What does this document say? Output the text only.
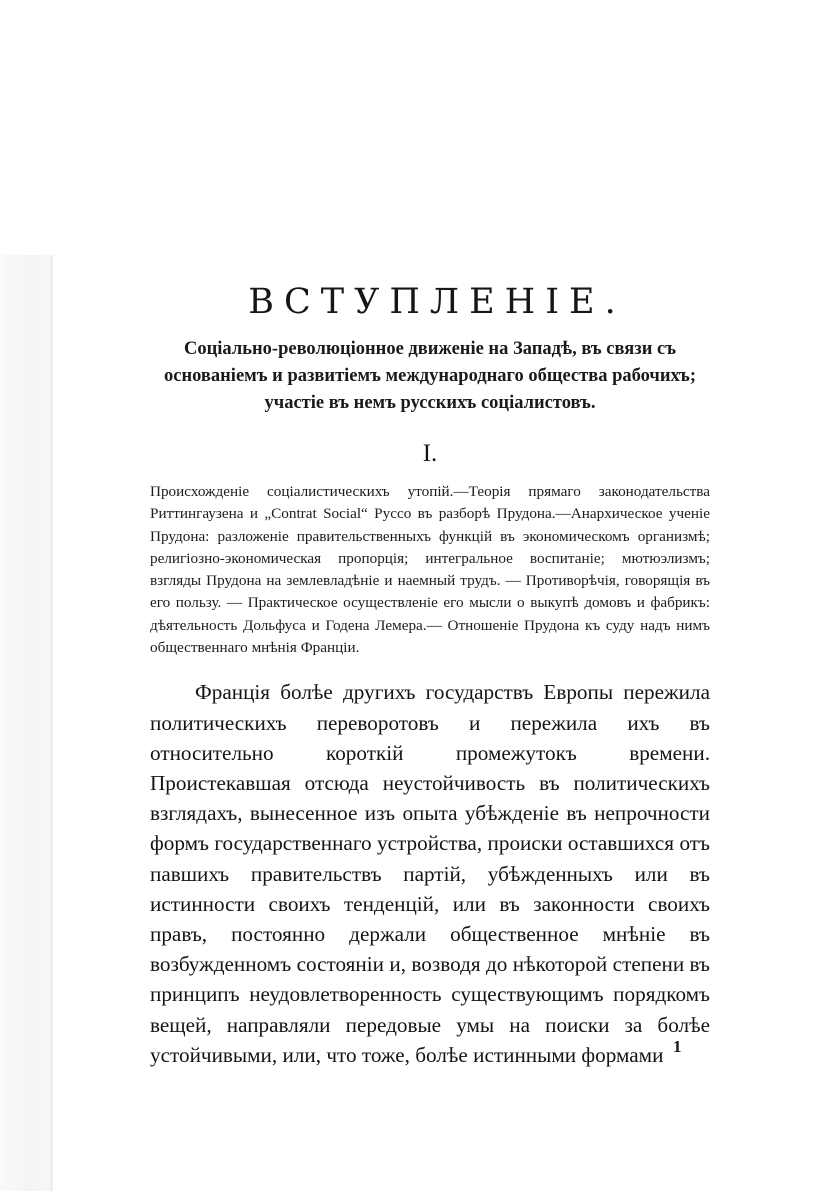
ВСТУПЛЕНІЕ.

Соціально-революціонное движеніе на Западѣ, въ связи съ основаніемъ и развитіемъ международнаго общества рабочихъ; участіе въ немъ русскихъ соціалистовъ.

I.

Происхожденіе соціалистическихъ утопій.—Теорія прямаго законодательства Риттингаузена и „Contrat Social“ Руссо въ разборѣ Прудона.—Анархическое ученіе Прудона: разложеніе правительственныхъ функцій въ экономическомъ организмѣ; религіозно-экономическая пропорція; интегральное воспитаніе; мютюэлизмъ; взгляды Прудона на землевладѣніе и наемный трудъ. — Противорѣчія, говорящія въ его пользу. — Практическое осуществленіе его мысли о выкупѣ домовъ и фабрикъ: дѣятельность Дольфуса и Годена Лемера.— Отношеніе Прудона къ суду надъ нимъ общественнаго мнѣнія Франціи.

Франція болѣе другихъ государствъ Европы пережила политическихъ переворотовъ и пережила ихъ въ относительно короткій промежутокъ времени. Проистекавшая отсюда неустойчивость въ политическихъ взглядахъ, вынесенное изъ опыта убѣжденіе въ непрочности формъ государственнаго устройства, происки оставшихся отъ павшихъ правительствъ партій, убѣжденныхъ или въ истинности своихъ тенденцій, или въ законности своихъ правъ, постоянно держали общественное мнѣніе въ возбужденномъ состояніи и, возводя до нѣкоторой степени въ принципъ неудовлетворенность существующимъ порядкомъ вещей, направляли передовые умы на поиски за болѣе устойчивыми, или, что тоже, болѣе истинными формами 1
